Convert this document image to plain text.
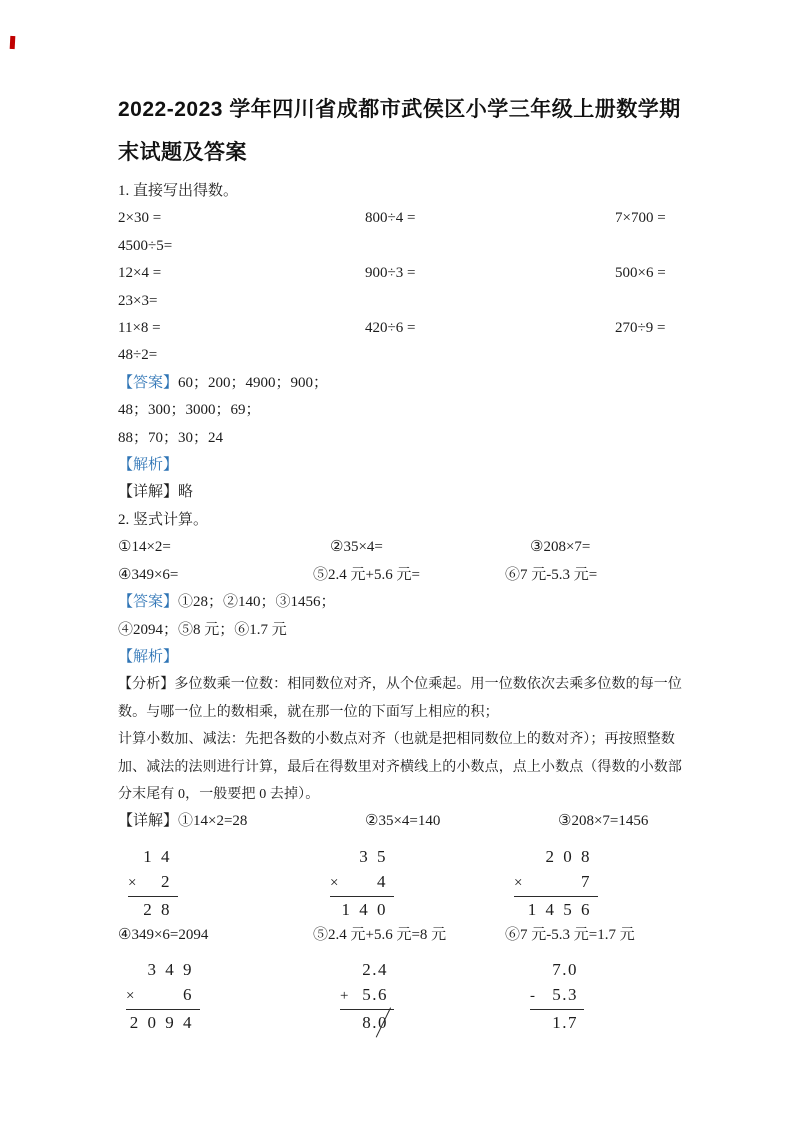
2022-2023 学年四川省成都市武侯区小学三年级上册数学期
末试题及答案
1. 直接写出得数。
2×30 =	800÷4 =	7×700 =
4500÷5=
12×4 =	900÷3 =	500×6 =
23×3=
11×8 =	420÷6 =	270÷9 =
48÷2=
【答案】60；200；4900；900；
48；300；3000；69；
88；70；30；24
【解析】
【详解】略
2. 竖式计算。
①14×2=	②35×4=	③208×7=
④349×6=	⑤2.4 元+5.6 元=	⑥7 元-5.3 元=
【答案】①28；②140；③1456；
④2094；⑤8 元；⑥1.7 元
【解析】
【分析】多位数乘一位数：相同数位对齐，从个位乘起。用一位数依次去乘多位数的每一位
数。与哪一位上的数相乘，就在那一位的下面写上相应的积；
计算小数加、减法：先把各数的小数点对齐（也就是把相同数位上的数对齐）；再按照整数
加、减法的法则进行计算，最后在得数里对齐横线上的小数点，点上小数点（得数的小数部
分末尾有 0，一般要把 0 去掉）。
【详解】①14×2=28	②35×4=140	③208×7=1456
1 4
× 2
2 8
3 5
× 4
1 4 0
2 0 8
×	7
1 4 5 6
④349×6=2094	⑤2.4 元+5.6 元=8 元	⑥7 元-5.3 元=1.7 元
3 4 9
×	6
2 0 9 4
2.4
+ 5.6
8.0
7.0
- 5.3
1.7
